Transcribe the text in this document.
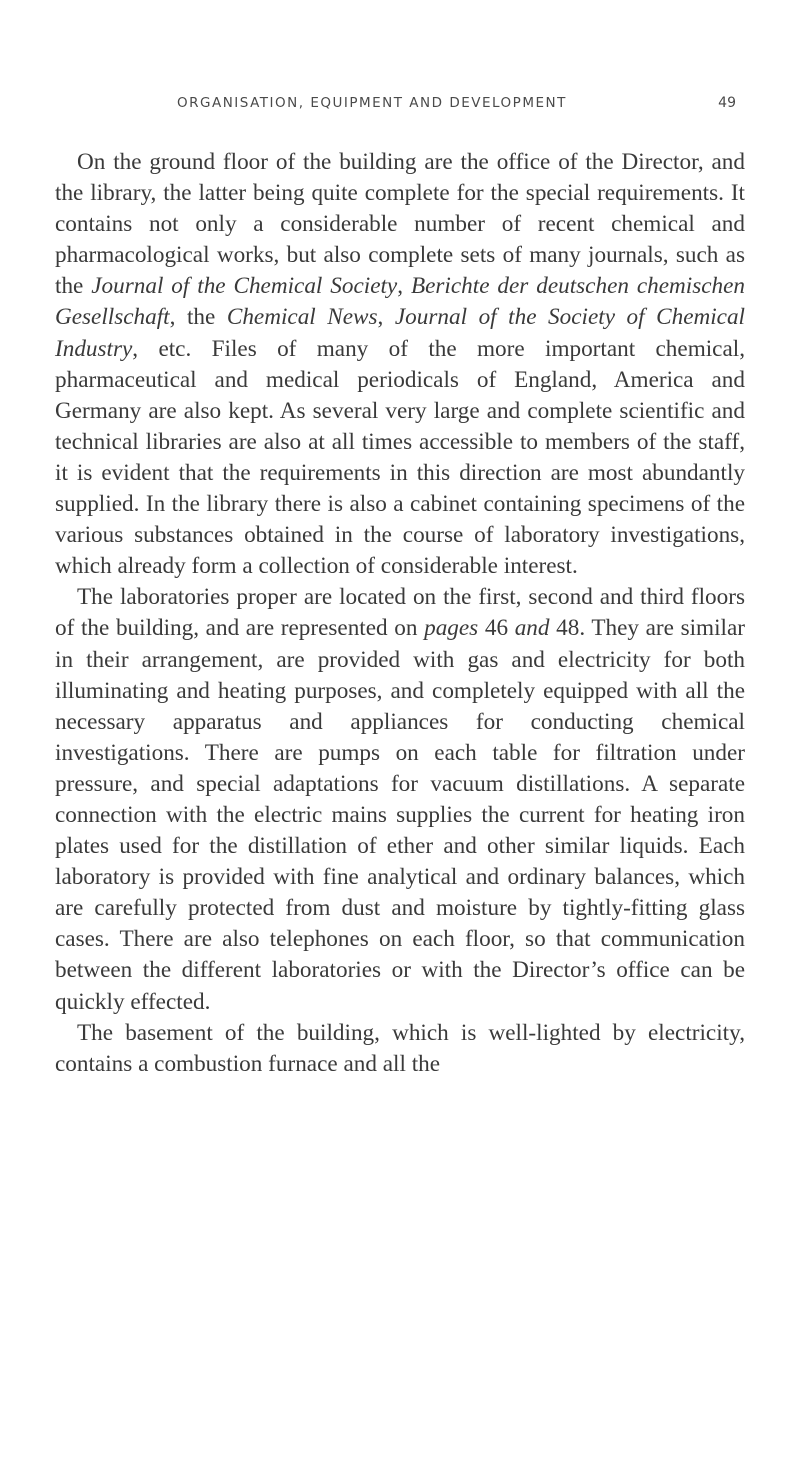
ORGANISATION, EQUIPMENT AND DEVELOPMENT	49

On the ground floor of the building are the office of the Director, and the library, the latter being quite complete for the special requirements. It contains not only a considerable number of recent chemical and pharmacological works, but also complete sets of many journals, such as the Journal of the Chemical Society, Berichte der deutschen chemischen Gesellschaft, the Chemical News, Journal of the Society of Chemical Industry, etc. Files of many of the more important chemical, pharmaceutical and medical periodicals of England, America and Germany are also kept. As several very large and complete scientific and technical libraries are also at all times accessible to members of the staff, it is evident that the requirements in this direction are most abundantly supplied. In the library there is also a cabinet containing specimens of the various substances obtained in the course of laboratory investigations, which already form a collection of considerable interest.

The laboratories proper are located on the first, second and third floors of the building, and are represented on pages 46 and 48. They are similar in their arrangement, are provided with gas and electricity for both illuminating and heating purposes, and completely equipped with all the necessary apparatus and appliances for conducting chemical investigations. There are pumps on each table for filtration under pressure, and special adaptations for vacuum distillations. A separate connection with the electric mains supplies the current for heating iron plates used for the distillation of ether and other similar liquids. Each laboratory is provided with fine analytical and ordinary balances, which are carefully protected from dust and moisture by tightly-fitting glass cases. There are also telephones on each floor, so that communication between the different laboratories or with the Director’s office can be quickly effected.

The basement of the building, which is well-lighted by electricity, contains a combustion furnace and all the
